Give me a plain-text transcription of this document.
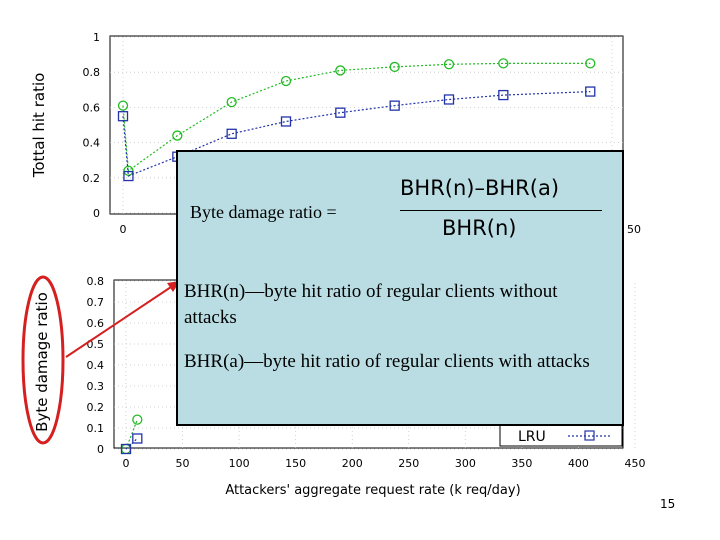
0
0.2
0.4
0.6
0.8
1
0	50
Tottal hit ratio
0
0.1
0.2
0.3
0.4
0.5
0.6
0.7
0.8
0	50	100	150	200	250	300	350	400	450
Byte damage ratio
Attackers' aggregate request rate (k req/day)
LRU
Byte damage ratio =
BHR(n)–BHR(a)
BHR(n)
BHR(n)—byte hit ratio of regular clients without attacks
BHR(a)—byte hit ratio of regular clients with attacks
15
